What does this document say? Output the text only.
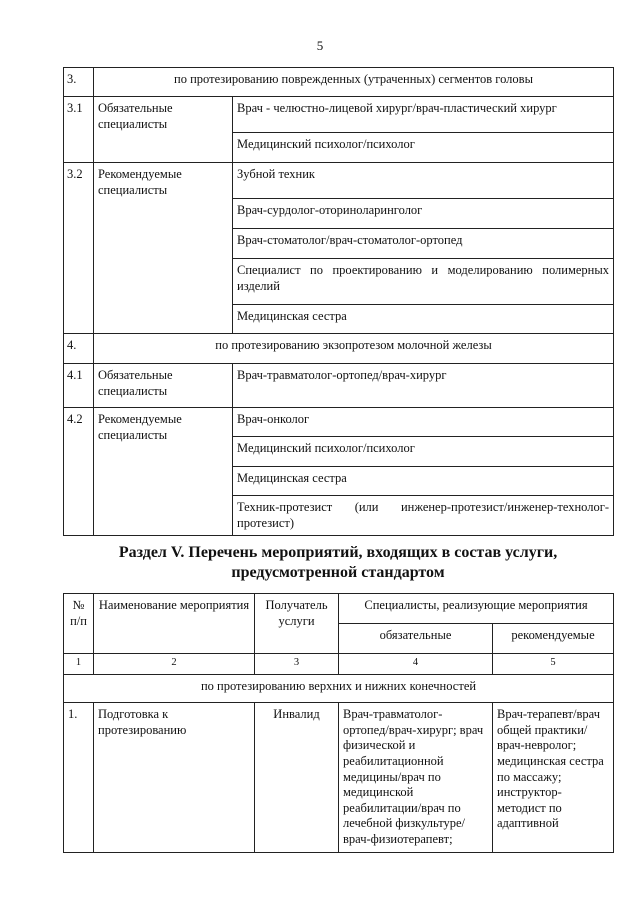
5
3.	по протезированию поврежденных (утраченных) сегментов головы	
3.1	Обязательные специалисты	Врач - челюстно-лицевой хирург/врач-пластический хирург
		Медицинский психолог/психолог
3.2	Рекомендуемые специалисты	Зубной техник
		Врач-сурдолог-оториноларинголог
		Врач-стоматолог/врач-стоматолог-ортопед
		Специалист по проектированию и моделированию полимерных изделий
		Медицинская сестра
4.	по протезированию экзопротезом молочной железы	
4.1	Обязательные специалисты	Врач-травматолог-ортопед/врач-хирург
4.2	Рекомендуемые специалисты	Врач-онколог
		Медицинский психолог/психолог
		Медицинская сестра
		Техник-протезист (или инженер-протезист/инженер-технолог-протезист)
Раздел V. Перечень мероприятий, входящих в состав услуги,
предусмотренной стандартом
№ п/п	Наименование мероприятия	Получатель услуги	Специалисты, реализующие мероприятия	
			обязательные	рекомендуемые
1	2	3	4	5
по протезированию верхних и нижних конечностей				
1.	Подготовка к протезированию	Инвалид	Врач-травматолог-ортопед/врач-хирург; врач физической и реабилитационной медицины/врач по медицинской реабилитации/врач по лечебной физкультуре/ врач-физиотерапевт;	Врач-терапевт/врач общей практики/врач-невролог; медицинская сестра по массажу; инструктор-методист по адаптивной
